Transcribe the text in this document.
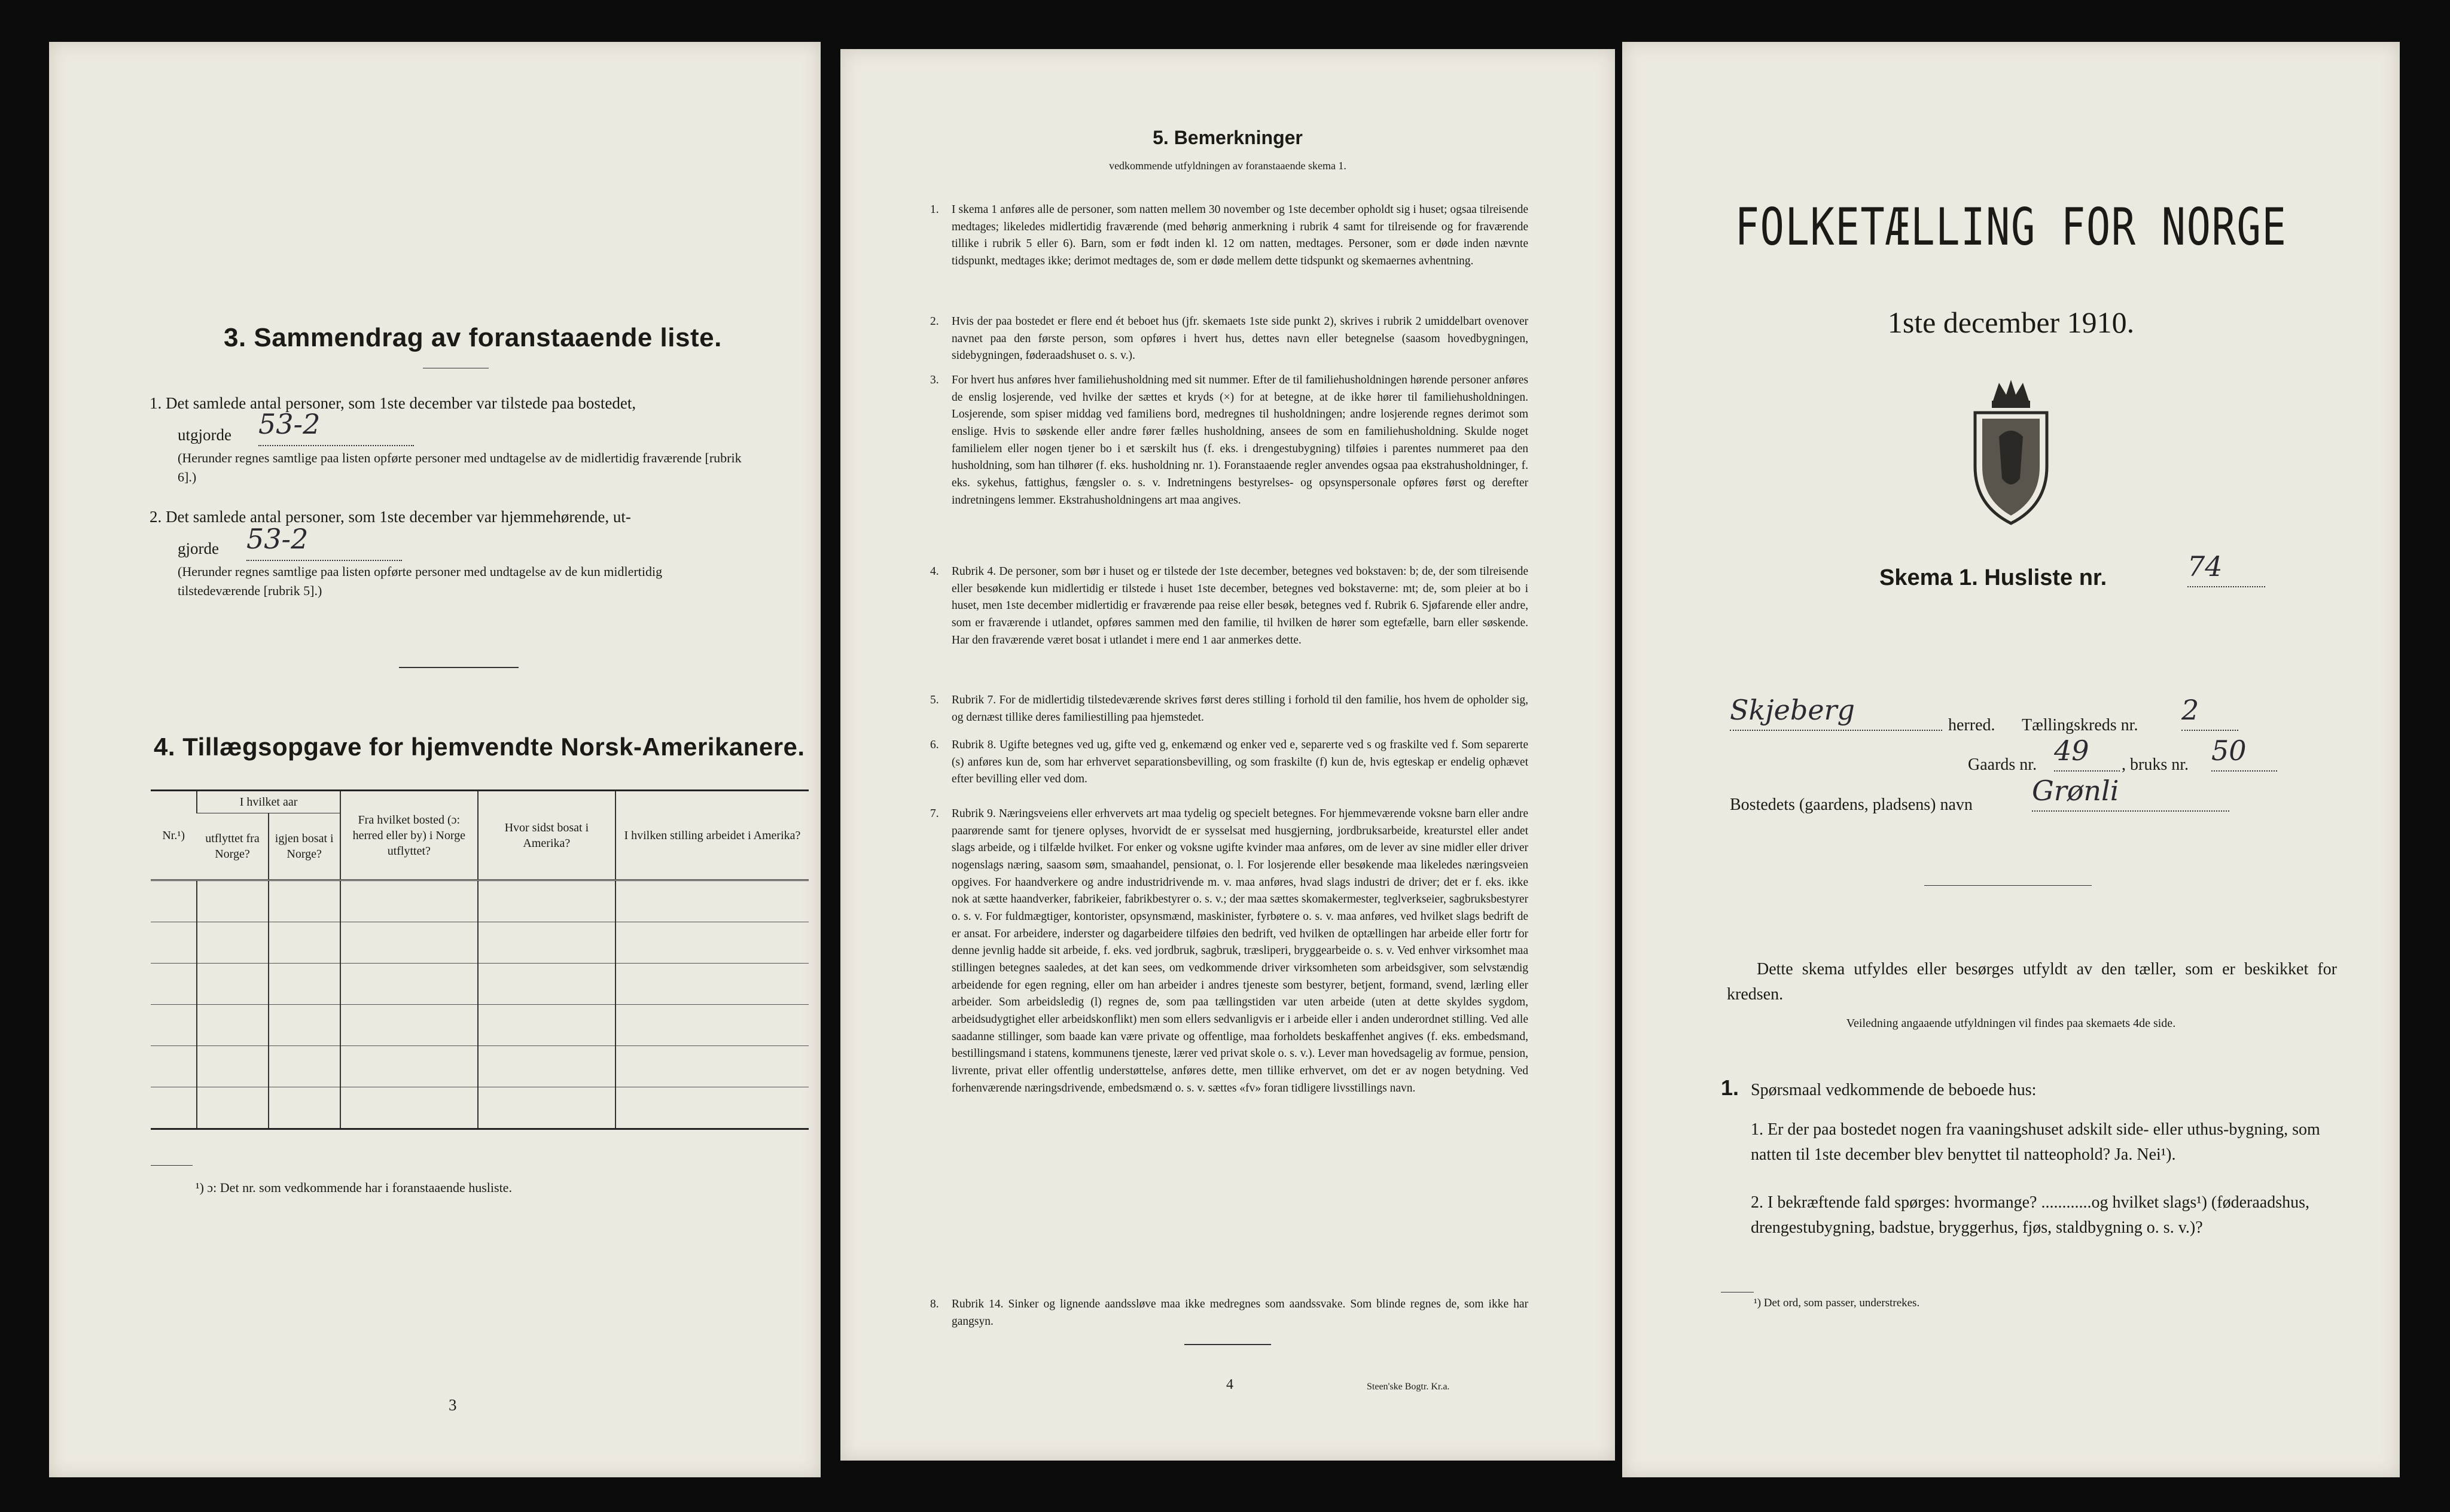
3. Sammendrag av foranstaaende liste.
1. Det samlede antal personer, som 1ste december var tilstede paa bostedet,
utgjorde 53-2
(Herunder regnes samtlige paa listen opførte personer med undtagelse av de midlertidig fraværende [rubrik 6].)
2. Det samlede antal personer, som 1ste december var hjemmehørende, ut-
gjorde 53-2
(Herunder regnes samtlige paa listen opførte personer med undtagelse av de kun midlertidig tilstedeværende [rubrik 5].)
4. Tillægsopgave for hjemvendte Norsk-Amerikanere.
Nr.¹)	I hvilket aar		Fra hvilket bosted (ɔ: herred eller by) i Norge utflyttet?	Hvor sidst bosat i Amerika?	I hvilken stilling arbeidet i Amerika?
	utflyttet fra Norge?	igjen bosat i Norge?			

¹) ɔ: Det nr. som vedkommende har i foranstaaende husliste.
3
5. Bemerkninger
vedkommende utfyldningen av foranstaaende skema 1.
1. I skema 1 anføres alle de personer, som natten mellem 30 november og 1ste december opholdt sig i huset; ogsaa tilreisende medtages; likeledes midlertidig fraværende (med behørig anmerkning i rubrik 4 samt for tilreisende og for fraværende tillike i rubrik 5 eller 6). Barn, som er født inden kl. 12 om natten, medtages. Personer, som er døde inden nævnte tidspunkt, medtages ikke; derimot medtages de, som er døde mellem dette tidspunkt og skemaernes avhentning.
2. Hvis der paa bostedet er flere end ét beboet hus (jfr. skemaets 1ste side punkt 2), skrives i rubrik 2 umiddelbart ovenover navnet paa den første person, som opføres i hvert hus, dettes navn eller betegnelse (saasom hovedbygningen, sidebygningen, føderaadshuset o. s. v.).
3. For hvert hus anføres hver familiehusholdning med sit nummer. Efter de til familiehusholdningen hørende personer anføres de enslig losjerende, ved hvilke der sættes et kryds (×) for at betegne, at de ikke hører til familiehusholdningen. Losjerende, som spiser middag ved familiens bord, medregnes til husholdningen; andre losjerende regnes derimot som enslige. Hvis to søskende eller andre fører fælles husholdning, ansees de som en familiehusholdning. Skulde noget familielem eller nogen tjener bo i et særskilt hus (f. eks. i drengestubygning) tilføies i parentes nummeret paa den husholdning, som han tilhører (f. eks. husholdning nr. 1). Foranstaaende regler anvendes ogsaa paa ekstrahusholdninger, f. eks. sykehus, fattighus, fængsler o. s. v. Indretningens bestyrelses- og opsynspersonale opføres først og derefter indretningens lemmer. Ekstrahusholdningens art maa angives.
4. Rubrik 4. De personer, som bør i huset og er tilstede der 1ste december, betegnes ved bokstaven: b; de, der som tilreisende eller besøkende kun midlertidig er tilstede i huset 1ste december, betegnes ved bokstaverne: mt; de, som pleier at bo i huset, men 1ste december midlertidig er fraværende paa reise eller besøk, betegnes ved f. Rubrik 6. Sjøfarende eller andre, som er fraværende i utlandet, opføres sammen med den familie, til hvilken de hører som egtefælle, barn eller søskende. Har den fraværende været bosat i utlandet i mere end 1 aar anmerkes dette.
5. Rubrik 7. For de midlertidig tilstedeværende skrives først deres stilling i forhold til den familie, hos hvem de opholder sig, og dernæst tillike deres familiestilling paa hjemstedet.
6. Rubrik 8. Ugifte betegnes ved ug, gifte ved g, enkemænd og enker ved e, separerte ved s og fraskilte ved f. Som separerte (s) anføres kun de, som har erhvervet separationsbevilling, og som fraskilte (f) kun de, hvis egteskap er endelig ophævet efter bevilling eller ved dom.
7. Rubrik 9. Næringsveiens eller erhvervets art maa tydelig og specielt betegnes. For hjemmeværende voksne barn eller andre paarørende samt for tjenere oplyses, hvorvidt de er sysselsat med husgjerning, jordbruksarbeide, kreaturstel eller andet slags arbeide, og i tilfælde hvilket. For enker og voksne ugifte kvinder maa anføres, om de lever av sine midler eller driver nogenslags næring, saasom søm, smaahandel, pensionat, o. l. For losjerende eller besøkende maa likeledes næringsveien opgives. For haandverkere og andre industridrivende m. v. maa anføres, hvad slags industri de driver; det er f. eks. ikke nok at sætte haandverker, fabrikeier, fabrikbestyrer o. s. v.; der maa sættes skomakermester, teglverkseier, sagbruksbestyrer o. s. v. For fuldmægtiger, kontorister, opsynsmænd, maskinister, fyrbøtere o. s. v. maa anføres, ved hvilket slags bedrift de er ansat. For arbeidere, inderster og dagarbeidere tilføies den bedrift, ved hvilken de optællingen har arbeide eller fortr for denne jevnlig hadde sit arbeide, f. eks. ved jordbruk, sagbruk, træsliperi, bryggearbeide o. s. v. Ved enhver virksomhet maa stillingen betegnes saaledes, at det kan sees, om vedkommende driver virksomheten som arbeidsgiver, som selvstændig arbeidende for egen regning, eller om han arbeider i andres tjeneste som bestyrer, betjent, formand, svend, lærling eller arbeider. Som arbeidsledig (l) regnes de, som paa tællingstiden var uten arbeide (uten at dette skyldes sygdom, arbeidsudygtighet eller arbeidskonflikt) men som ellers sedvanligvis er i arbeide eller i anden underordnet stilling. Ved alle saadanne stillinger, som baade kan være private og offentlige, maa forholdets beskaffenhet angives (f. eks. embedsmand, bestillingsmand i statens, kommunens tjeneste, lærer ved privat skole o. s. v.). Lever man hovedsagelig av formue, pension, livrente, privat eller offentlig understøttelse, anføres dette, men tillike erhvervet, om det er av nogen betydning. Ved forhenværende næringsdrivende, embedsmænd o. s. v. sættes «fv» foran tidligere livsstillings navn.
8. Rubrik 14. Sinker og lignende aandssløve maa ikke medregnes som aandssvake. Som blinde regnes de, som ikke har gangsyn.
4	Steen'ske Bogtr. Kr.a.
FOLKETÆLLING FOR NORGE
1ste december 1910.
Skema 1. Husliste nr.	74
Skjeberg	herred. Tællingskreds nr. 2
Gaards nr. 49	, bruks nr. 50
Bostedets (gaardens, pladsens) navn Grønli
Dette skema utfyldes eller besørges utfyldt av den tæller, som er beskikket for kredsen.
Veiledning angaaende utfyldningen vil findes paa skemaets 4de side.
1. Spørsmaal vedkommende de beboede hus:
1. Er der paa bostedet nogen fra vaaningshuset adskilt side- eller uthus-bygning, som natten til 1ste december blev benyttet til natteophold? Ja. Nei¹).
2. I bekræftende fald spørges: hvormange? ............og hvilket slags¹) (føderaadshus, drengestubygning, badstue, bryggerhus, fjøs, staldbygning o. s. v.)?
¹) Det ord, som passer, understrekes.
